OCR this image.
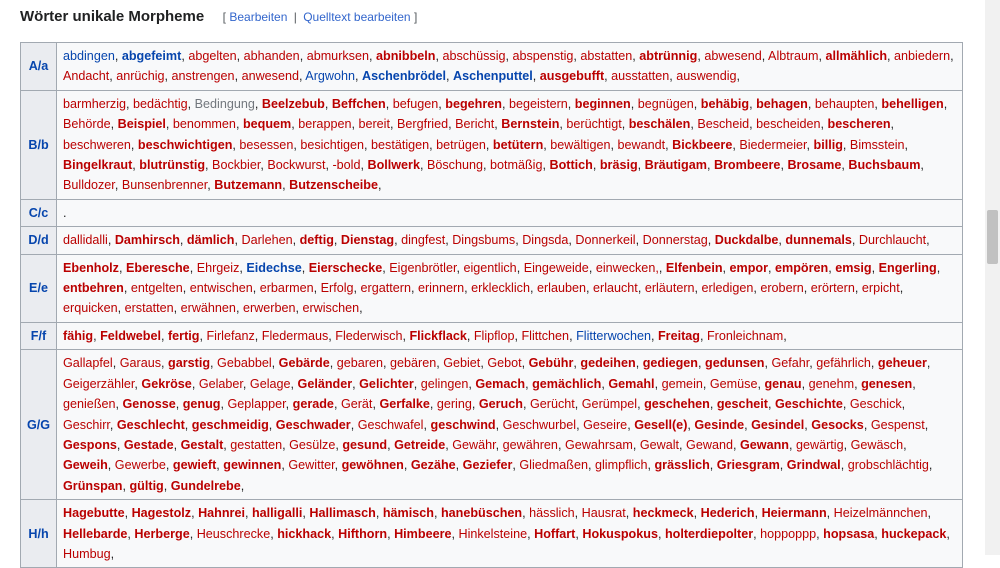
Wörter unikale Morpheme [ Bearbeiten | Quelltext bearbeiten ]
A/a	abdingen, abgefeimt, abgelten, abhanden, abmurksen, abnibbeln, abschüssig, abspenstig, abstatten, abtrünnig, abwesend, Albtraum, allmählich, anbiedern, Andacht, anrüchig, anstrengen, anwesend, Argwohn, Aschenbrödel, Aschenputtel, ausgebufft, ausstatten, auswendig,
B/b	barmherzig, bedächtig, Bedingung, Beelzebub, Beffchen, befugen, begehren, begeistern, beginnen, begnügen, behäbig, behagen, behaupten, behelligen, Behörde, Beispiel, benommen, bequem, berappen, bereit, Bergfried, Bericht, Bernstein, berüchtigt, beschälen, Bescheid, bescheiden, bescheren, beschweren, beschwichtigen, besessen, besichtigen, bestätigen, betrügen, betütern, bewältigen, bewandt, Bickbeere, Biedermeier, billig, Bimsstein, Bingelkraut, blutrünstig, Bockbier, Bockwurst, -bold, Bollwerk, Böschung, botmäßig, Bottich, bräsig, Bräutigam, Brombeere, Brosame, Buchsbaum, Bulldozer, Bunsenbrenner, Butzemann, Butzenscheibe,
C/c	.
D/d	dallidalli, Damhirsch, dämlich, Darlehen, deftig, Dienstag, dingfest, Dingsbums, Dingsda, Donnerkeil, Donnerstag, Duckdalbe, dunnemals, Durchlaucht,
E/e	Ebenholz, Eberesche, Ehrgeiz, Eidechse, Eierschecke, Eigenbrötler, eigentlich, Eingeweide, einwecken,, Elfenbein, empor, empören, emsig, Engerling, entbehren, entgelten, entwischen, erbarmen, Erfolg, ergattern, erinnern, erklecklich, erlauben, erlaucht, erläutern, erledigen, erobern, erörtern, erpicht, erquicken, erstatten, erwähnen, erwerben, erwischen,
F/f	fähig, Feldwebel, fertig, Firlefanz, Fledermaus, Flederwisch, Flickflack, Flipflop, Flittchen, Flitterwochen, Freitag, Fronleichnam,
G/G	Gallapfel, Garaus, garstig, Gebabbel, Gebärde, gebaren, gebären, Gebiet, Gebot, Gebühr, gedeihen, gediegen, gedunsen, Gefahr, gefährlich, geheuer, Geigerzähler, Gekröse, Gelaber, Gelage, Geländer, Gelichter, gelingen, Gemach, gemächlich, Gemahl, gemein, Gemüse, genau, genehm, genesen, genießen, Genosse, genug, Geplapper, gerade, Gerät, Gerfalke, gering, Geruch, Gerücht, Gerümpel, geschehen, gescheit, Geschichte, Geschick, Geschirr, Geschlecht, geschmeidig, Geschwader, Geschwafel, geschwind, Geschwurbel, Geseire, Gesell(e), Gesinde, Gesindel, Gesocks, Gespenst, Gespons, Gestade, Gestalt, gestatten, Gesülze, gesund, Getreide, Gewähr, gewähren, Gewahrsam, Gewalt, Gewand, Gewann, gewärtig, Gewäsch, Geweih, Gewerbe, gewieft, gewinnen, Gewitter, gewöhnen, Gezähe, Geziefer, Gliedmaßen, glimpflich, grässlich, Griesgram, Grindwal, grobschlächtig, Grünspan, gültig, Gundelrebe,
H/h	Hagebutte, Hagestolz, Hahnrei, halligalli, Hallimasch, hämisch, hanebüschen, hässlich, Hausrat, heckmeck, Hederich, Heiermann, Heizelmännchen, Hellebarde, Herberge, Heuschrecke, hickhack, Hifthorn, Himbeere, Hinkelsteine, Hoffart, Hokuspokus, holterdiepolter, hoppoppp, hopsasa, huckepack, Humbug,
